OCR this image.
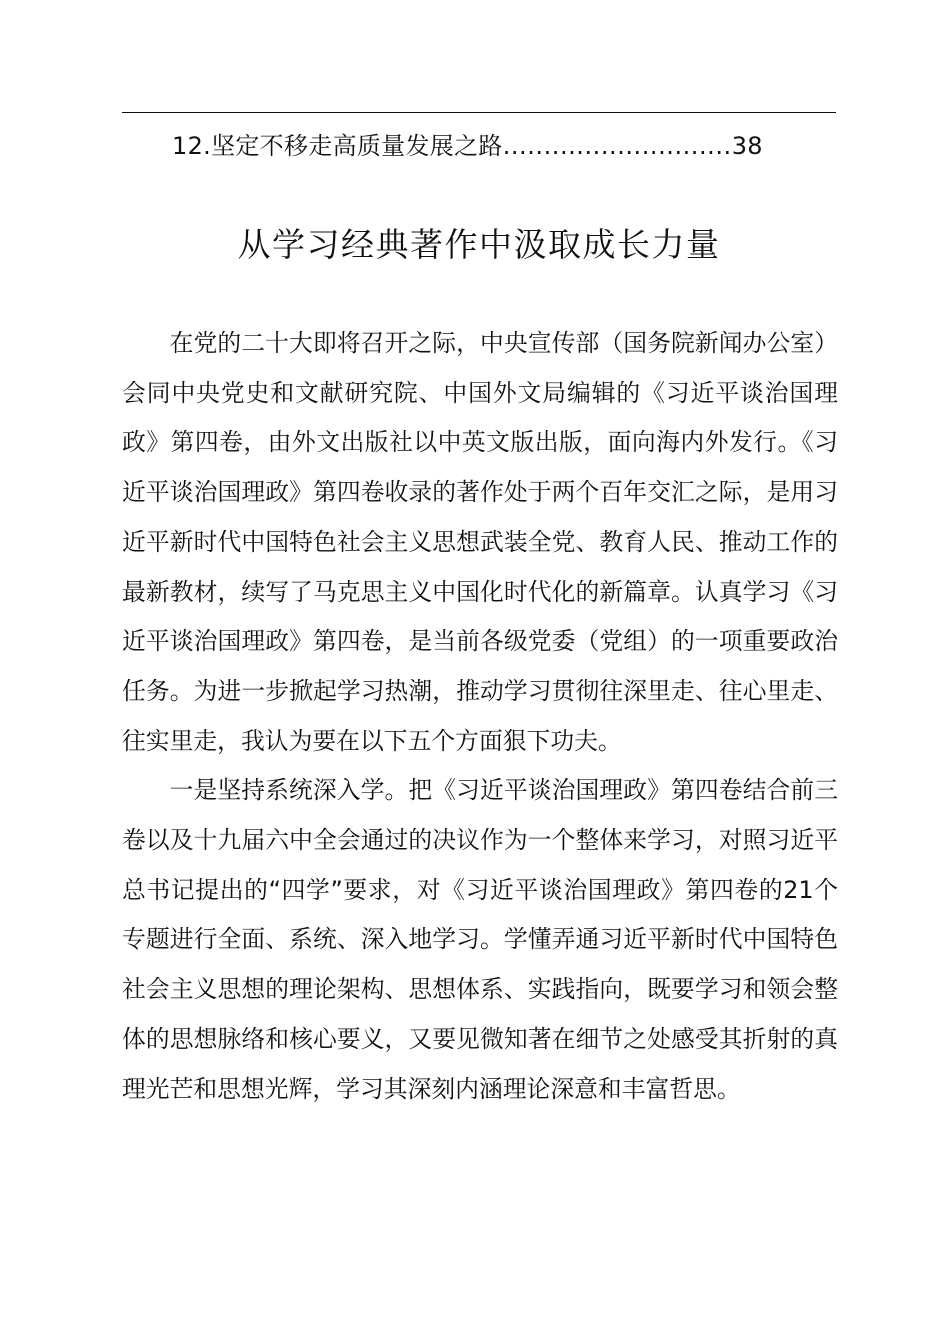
12.坚定不移走高质量发展之路............................38
从学习经典著作中汲取成长力量

在党的二十大即将召开之际，中央宣传部（国务院新闻办公室）会同中央党史和文献研究院、中国外文局编辑的《习近平谈治国理政》第四卷，由外文出版社以中英文版出版，面向海内外发行。《习近平谈治国理政》第四卷收录的著作处于两个百年交汇之际，是用习近平新时代中国特色社会主义思想武装全党、教育人民、推动工作的最新教材，续写了马克思主义中国化时代化的新篇章。认真学习《习近平谈治国理政》第四卷，是当前各级党委（党组）的一项重要政治任务。为进一步掀起学习热潮，推动学习贯彻往深里走、往心里走、往实里走，我认为要在以下五个方面狠下功夫。

一是坚持系统深入学。把《习近平谈治国理政》第四卷结合前三卷以及十九届六中全会通过的决议作为一个整体来学习，对照习近平总书记提出的“四学”要求，对《习近平谈治国理政》第四卷的21个专题进行全面、系统、深入地学习。学懂弄通习近平新时代中国特色社会主义思想的理论架构、思想体系、实践指向，既要学习和领会整体的思想脉络和核心要义，又要见微知著在细节之处感受其折射的真理光芒和思想光辉，学习其深刻内涵理论深意和丰富哲思。
